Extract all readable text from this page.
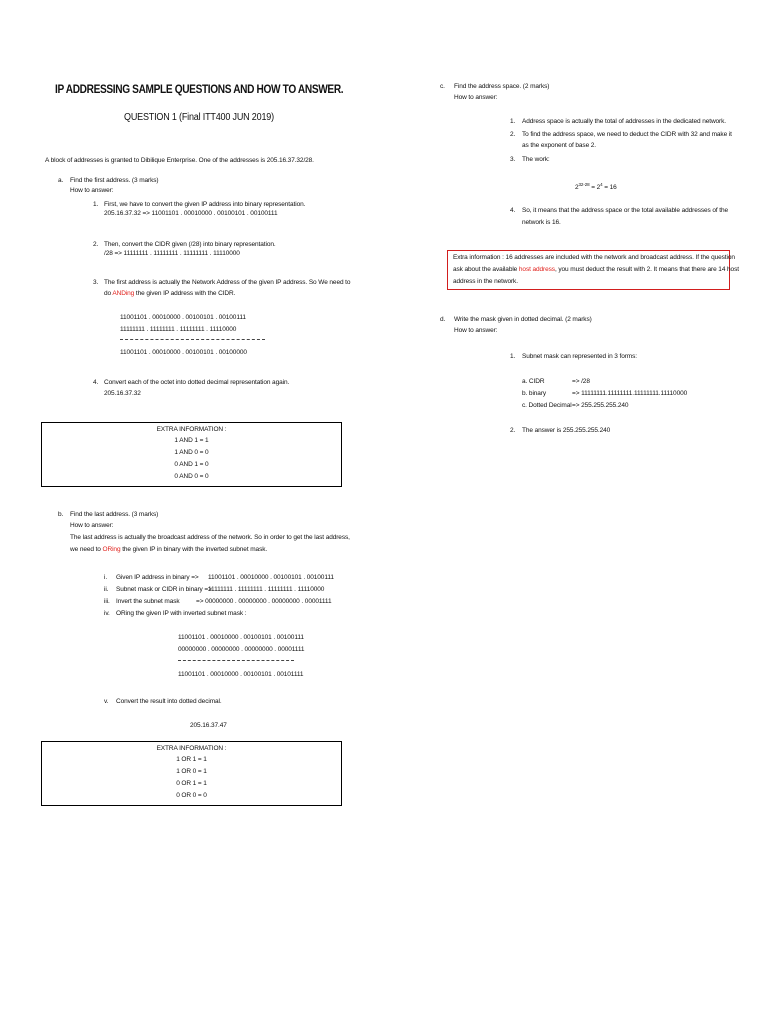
IP ADDRESSING SAMPLE QUESTIONS AND HOW TO ANSWER.
QUESTION 1 (Final ITT400 JUN 2019)
A block of addresses is granted to Dibilique Enterprise. One of the addresses is 205.16.37.32/28.
a. Find the first address. (3 marks)
How to answer:
1. First, we have to convert the given IP address into binary representation.
205.16.37.32 => 11001101 . 00010000 . 00100101 . 00100111
2. Then, convert the CIDR given (/28) into binary representation.
/28 => 11111111 . 11111111 . 11111111 . 11110000
3. The first address is actually the Network Address of the given IP address. So We need to
do ANDing the given IP address with the CIDR.
11001101 . 00010000 . 00100101 . 00100111
11111111 . 11111111 . 11111111 . 11110000
11001101 . 00010000 . 00100101 . 00100000
4. Convert each of the octet into dotted decimal representation again.
205.16.37.32
EXTRA INFORMATION :
1 AND 1 = 1
1 AND 0 = 0
0 AND 1 = 0
0 AND 0 = 0
b. Find the last address. (3 marks)
How to answer:
The last address is actually the broadcast address of the network. So in order to get the last address,
we need to ORing the given IP in binary with the inverted subnet mask.
i. Given IP address in binary => 11001101 . 00010000 . 00100101 . 00100111
ii. Subnet mask or CIDR in binary =>
11111111 . 11111111 . 11111111 . 11110000
iii. Invert the subnet mask	=> 00000000 . 00000000 . 00000000 . 00001111
iv. ORing the given IP with inverted subnet mask :
11001101 . 00010000 . 00100101 . 00100111
00000000 . 00000000 . 00000000 . 00001111
11001101 . 00010000 . 00100101 . 00101111
v. Convert the result into dotted decimal.
205.16.37.47
EXTRA INFORMATION :
1 OR 1 = 1
1 OR 0 = 1
0 OR 1 = 1
0 OR 0 = 0
c. Find the address space. (2 marks)
How to answer:
1. Address space is actually the total of addresses in the dedicated network.
2. To find the address space, we need to deduct the CIDR with 32 and make it
as the exponent of base 2.
3. The work:
$2^{32-28} = 2^4 = 16$
4. So, it means that the address space or the total available addresses of the
network is 16.
Extra information : 16 addresses are included with the network and broadcast address. If the question
ask about the available host address, you must deduct the result with 2. It means that there are 14 host
address in the network.
d. Write the mask given in dotted decimal. (2 marks)
How to answer:
1. Subnet mask can represented in 3 forms:
a. CIDR	=> /28
b. binary	=> 11111111.11111111.11111111.11110000
c. Dotted Decimal => 255.255.255.240
2. The answer is 255.255.255.240
